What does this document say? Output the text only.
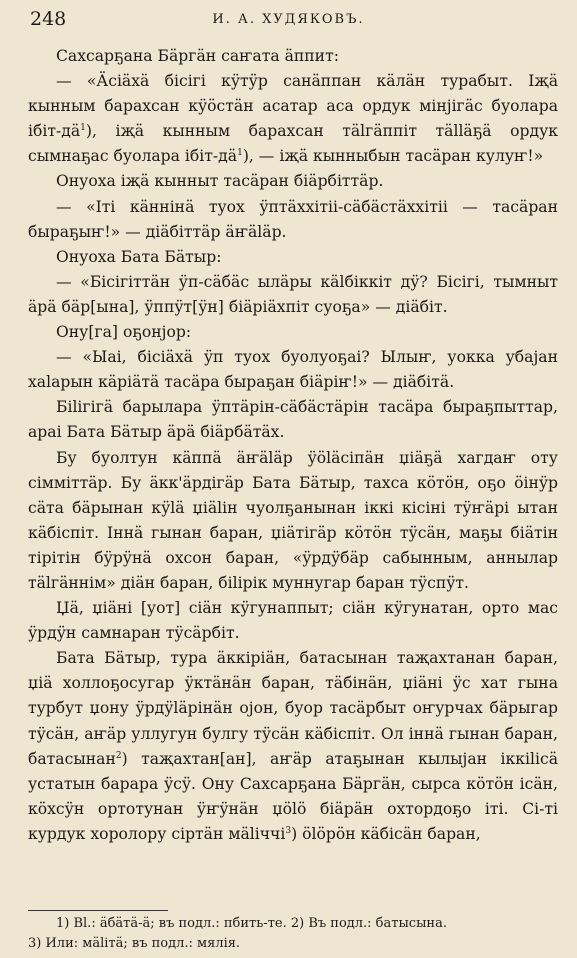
248	И. А. ХУДЯКОВЪ.

Сахсарҕана Бӓргӓн саҥата ӓппит:

— «Ӓсiӓхӓ бiсiгi кӱтӱр санӓппан кӓлӓн турабыт. Iҗӓ кынным барахсан кӱӧстӓн асатар аса ордук мiнjiгӓс буолара iбiт-$дӓ^1$), iҗӓ кынным барахсан тӓlгӓппiт тӓllӓҕӓ ордук сымнаҕас буолара iбiт-$дӓ^1$), — iҗӓ кынныбын тасӓран кулуҥ!»

Онуоха iҗӓ кынныт тасӓран бiӓрбiттӓр.

— «Iтi кӓннiнӓ туох ӱптӓххiтii-сӓбӓстӓххiтii — тасӓран быраҕыҥ!» — дiӓбiттӓр ӓҥӓlӓр.

Онуоха Бата Бӓтыр:

— «Бiсiгiттӓн ӱп-сӓбӓс ылӓры кӓlбiккiт дӱ? Бiсiгi, тымныт ӓрӓ бӓр[ына], ӱппӱт[ӱн] бiӓрiӓхпiт суоҕа» — дiӓбiт.

Ону[га] оҕонjор:

— «Ыаi, бiсiӓхӓ ӱп туох буолуоҕаi? Ылыҥ, уокка убаjан хаlарын кӓрiӓтӓ тасӓра быраҕан бiӓрiҥ!» — дiӓбiтӓ.

Бiliгiгӓ барылара ӱптӓрiн-сӓбӓстӓрiн тасӓра быраҕпыттар, араi Бата Бӓтыр ӓрӓ бiӓрбӓтӓх.

Бу буолтун кӓппӓ ӓҥӓlӓр ӱӧlӓсiпӓн џiӓҕӓ хагдаҥ оту сiммiттӓр. Бу ӓкк'ӓрдiгӓр Бата Бӓтыр, тахса кӧтӧн, оҕо ӧiнӱр сӓта бӓрынан кӱlӓ џiӓliн чуолҕанынан iккi кiсiнi тӱҥӓрi ытан кӓбiспiт. Iннӓ гынан баран, џiӓтiгӓр кӧтӧн тӱсӓн, маҕы бiӓтiн тiрiтiн бӱрӱнӓ охсон баран, «ӱрдӱбӓр сабынным, аннылар тӓlгӓннiм» дiӓн баран, бiliрiк муннугар баран тӱспӱт.

Џӓ, џiӓнi [уот] сiӓн кӱгунаппыт; сiӓн кӱгунатан, орто мас ӱрдӱн самнаран тӱсӓрбiт.

Бата Бӓтыр, тура ӓккiрiӓн, батасынан таҗахтанан баран, џiӓ холлоҕосугар ӱктӓнӓн баран, тӓбiнӓн, џiӓнi ӱс хат гына турбут џону ӱрдӱlӓрiнӓн оjон, буор тасӓрбыт оҥурчах бӓрыгар тӱсӓн, аҥӓр уллугун булгу тӱсӓн кӓбiспiт. Ол iннӓ гынан баран, батасынан$^2$) таҗахтан[ан], аҥӓр атаҕынан кылыjан iккiliсӓ устатын барара ӱсӱ. Ону Сахсарҕана Бӓргӓн, сырса кӧтӧн iсӓн, кӧхсӱн ортотунан ӱҥӱнӓн џӧlӧ бiӓрӓн охтордоҕо iтi. Сi-тi курдук хоролору сiртӓн мӓliччi$^3$) ӧlӧрӧн кӓбiсӓн баран,

1) Вl.: ӓбӓтӓ-ӓ; въ подл.: пбить-те. 2) Въ подл.: батысына.
3) Или: мӓlітӓ; въ подл.: мялія.
